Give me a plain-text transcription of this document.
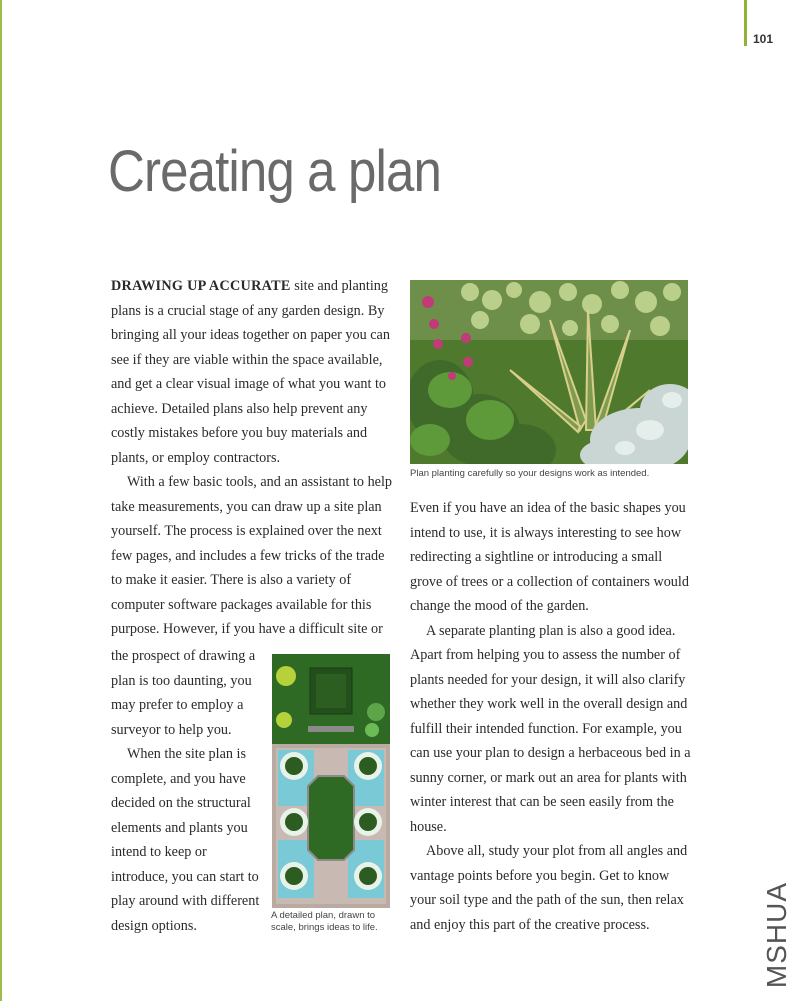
101
Creating a plan

DRAWING UP ACCURATE site and planting plans is a crucial stage of any garden design. By bringing all your ideas together on paper you can see if they are viable within the space available, and get a clear visual image of what you want to achieve. Detailed plans also help prevent any costly mistakes before you buy materials and plants, or employ contractors.

With a few basic tools, and an assistant to help take measurements, you can draw up a site plan yourself. The process is explained over the next few pages, and includes a few tricks of the trade to make it easier. There is also a variety of computer software packages available for this purpose. However, if you have a difficult site or

the prospect of drawing a plan is too daunting, you may prefer to employ a surveyor to help you.

When the site plan is complete, and you have decided on the structural elements and plants you intend to keep or introduce, you can start to play around with different design options.

Plan planting carefully so your designs work as intended.
A detailed plan, drawn to scale, brings ideas to life.

Even if you have an idea of the basic shapes you intend to use, it is always interesting to see how redirecting a sightline or introducing a small grove of trees or a collection of containers would change the mood of the garden.

A separate planting plan is also a good idea. Apart from helping you to assess the number of plants needed for your design, it will also clarify whether they work well in the overall design and fulfill their intended function. For example, you can use your plan to design a herbaceous bed in a sunny corner, or mark out an area for plants with winter interest that can be seen easily from the house.

Above all, study your plot from all angles and vantage points before you begin. Get to know your soil type and the path of the sun, then relax and enjoy this part of the creative process.	MSHUA
